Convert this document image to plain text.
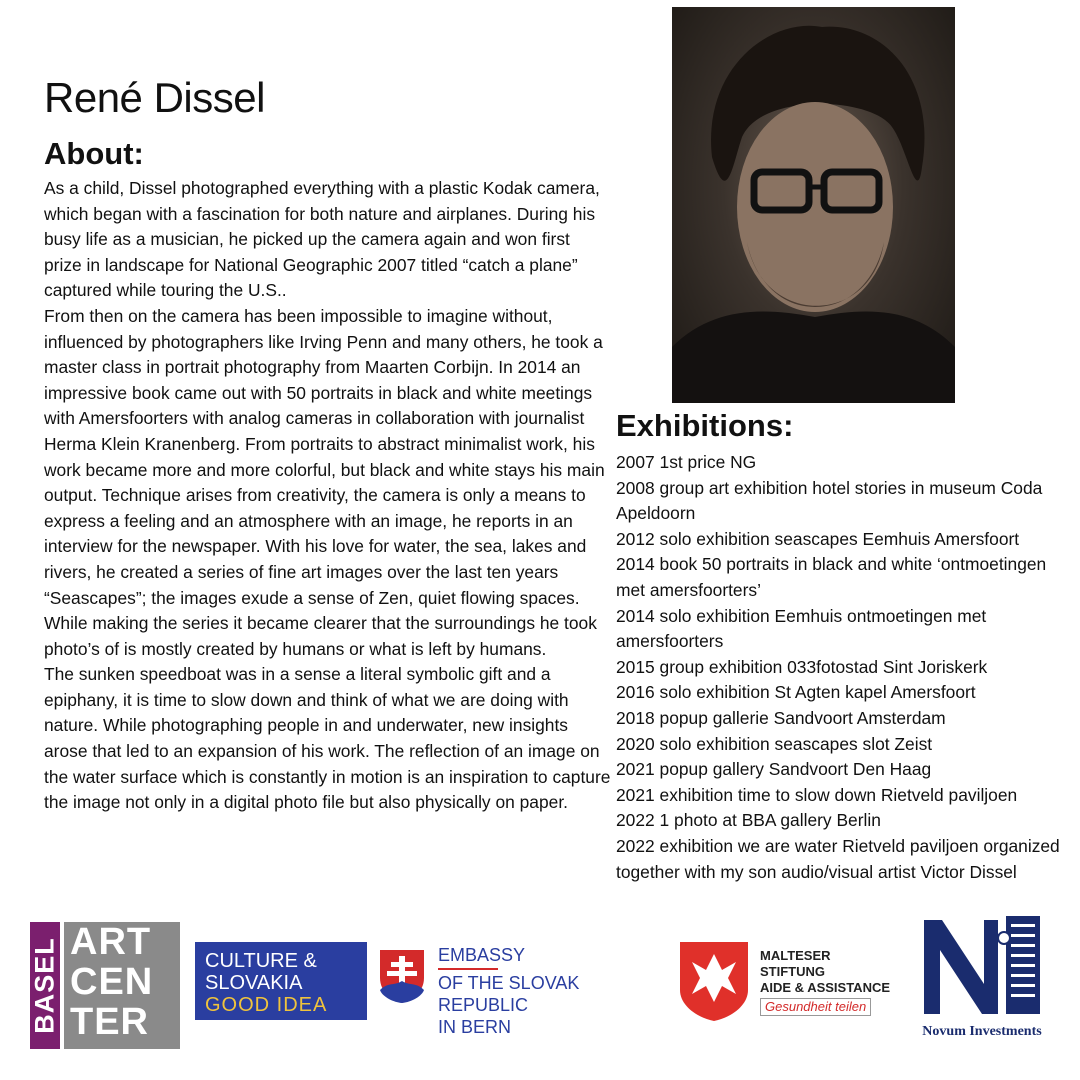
René Dissel
About:

As a child, Dissel photographed everything with a plastic Kodak camera, which began with a fascination for both nature and airplanes. During his busy life as a musician, he picked up the camera again and won first prize in landscape for National Geographic 2007 titled “catch a plane” captured while touring the U.S..

From then on the camera has been impossible to imagine without, influenced by photographers like Irving Penn and many others, he took a master class in portrait photography from Maarten Corbijn. In 2014 an impressive book came out with 50 portraits in black and white meetings with Amersfoorters with analog cameras in collaboration with journalist Herma Klein Kranenberg. From portraits to abstract minimalist work, his work became more and more colorful, but black and white stays his main output. Technique arises from creativity, the camera is only a means to express a feeling and an atmosphere with an image, he reports in an interview for the newspaper. With his love for water, the sea, lakes and rivers, he created a series of fine art images over the last ten years “Seascapes”; the images exude a sense of Zen, quiet flowing spaces. While making the series it became clearer that the surroundings he took photo’s of is mostly created by humans or what is left by humans.

The sunken speedboat was in a sense a literal symbolic gift and a epiphany, it is time to slow down and think of what we are doing with nature. While photographing people in and underwater, new insights arose that led to an expansion of his work. The reflection of an image on the water surface which is constantly in motion is an inspiration to capture the image not only in a digital photo file but also physically on paper.

Exhibitions:
2007 1st price NG
2008 group art exhibition hotel stories in museum Coda Apeldoorn
2012 solo exhibition seascapes Eemhuis Amersfoort
2014 book 50 portraits in black and white ‘ontmoetingen met amersfoorters’
2014 solo exhibition Eemhuis ontmoetingen met amersfoorters
2015 group exhibition 033fotostad Sint Joriskerk
2016 solo exhibition St Agten kapel Amersfoort
2018 popup gallerie Sandvoort Amsterdam
2020 solo exhibition seascapes slot Zeist
2021 popup gallery Sandvoort Den Haag
2021 exhibition time to slow down Rietveld paviljoen
2022 1 photo at BBA gallery Berlin
2022 exhibition we are water Rietveld paviljoen organized together with my son audio/visual artist Victor Dissel
BASEL ART
CEN
TER
CULTURE &
SLOVAKIA
GOOD IDEA
EMBASSY
OF THE SLOVAK REPUBLIC
IN BERN
MALTESER STIFTUNG
AIDE & ASSISTANCE
Gesundheit teilen
Novum Investments
